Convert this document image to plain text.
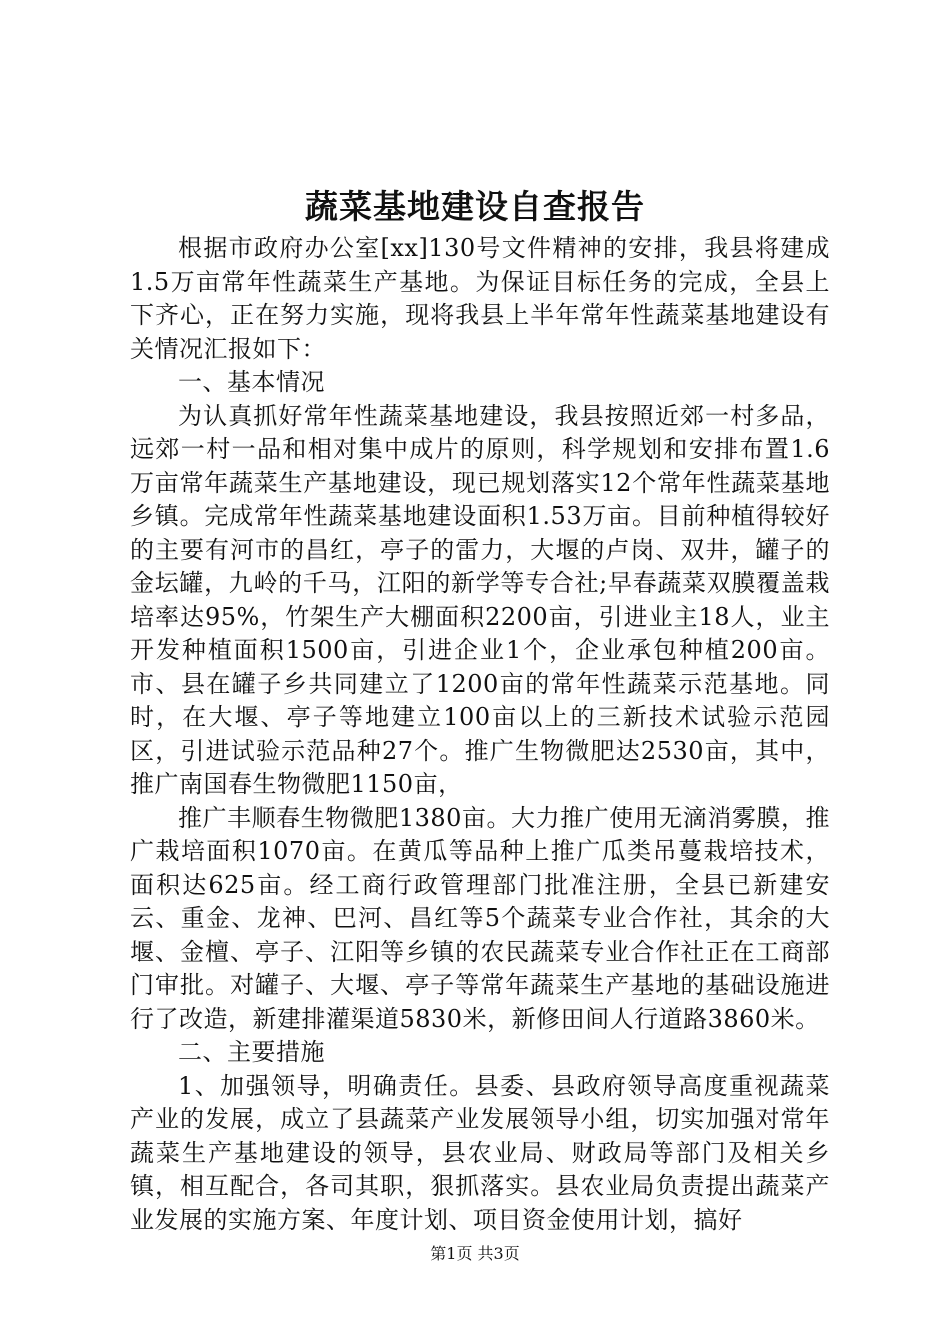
蔬菜基地建设自查报告

根据市政府办公室[xx]130号文件精神的安排，我县将建成1.5万亩常年性蔬菜生产基地。为保证目标任务的完成，全县上下齐心，正在努力实施，现将我县上半年常年性蔬菜基地建设有关情况汇报如下：

一、基本情况

为认真抓好常年性蔬菜基地建设，我县按照近郊一村多品，远郊一村一品和相对集中成片的原则，科学规划和安排布置1.6万亩常年蔬菜生产基地建设，现已规划落实12个常年性蔬菜基地乡镇。完成常年性蔬菜基地建设面积1.53万亩。目前种植得较好的主要有河市的昌红，亭子的雷力，大堰的卢岗、双井，罐子的金坛罐，九岭的千马，江阳的新学等专合社;早春蔬菜双膜覆盖栽培率达95%，竹架生产大棚面积2200亩，引进业主18人，业主开发种植面积1500亩，引进企业1个，企业承包种植200亩。市、县在罐子乡共同建立了1200亩的常年性蔬菜示范基地。同时，在大堰、亭子等地建立100亩以上的三新技术试验示范园区，引进试验示范品种27个。推广生物微肥达2530亩，其中，推广南国春生物微肥1150亩，

推广丰顺春生物微肥1380亩。大力推广使用无滴消雾膜，推广栽培面积1070亩。在黄瓜等品种上推广瓜类吊蔓栽培技术，面积达625亩。经工商行政管理部门批准注册，全县已新建安云、重金、龙神、巴河、昌红等5个蔬菜专业合作社，其余的大堰、金檀、亭子、江阳等乡镇的农民蔬菜专业合作社正在工商部门审批。对罐子、大堰、亭子等常年蔬菜生产基地的基础设施进行了改造，新建排灌渠道5830米，新修田间人行道路3860米。

二、主要措施

1、加强领导，明确责任。县委、县政府领导高度重视蔬菜产业的发展，成立了县蔬菜产业发展领导小组，切实加强对常年蔬菜生产基地建设的领导，县农业局、财政局等部门及相关乡镇，相互配合，各司其职，狠抓落实。县农业局负责提出蔬菜产业发展的实施方案、年度计划、项目资金使用计划，搞好

第1页 共3页
